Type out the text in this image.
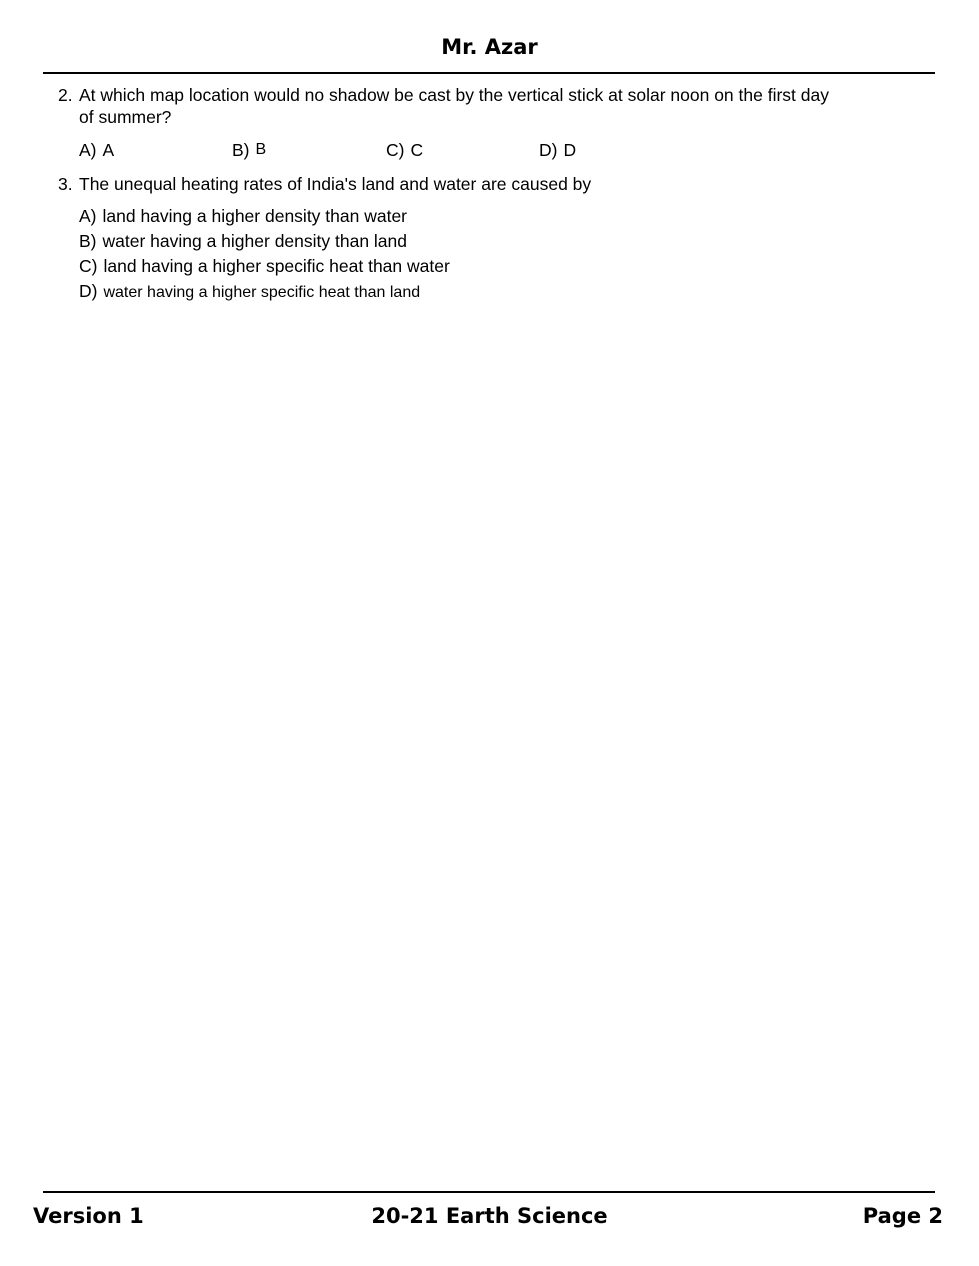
Mr. Azar
2. At which map location would no shadow be cast by the vertical stick at solar noon on the first day of summer?
A) A	B) B	C) C	D) D
3. The unequal heating rates of India's land and water are caused by
A) land having a higher density than water
B) water having a higher density than land
C) land having a higher specific heat than water
D) water having a higher specific heat than land
Version 1	20-21 Earth Science	Page 2
